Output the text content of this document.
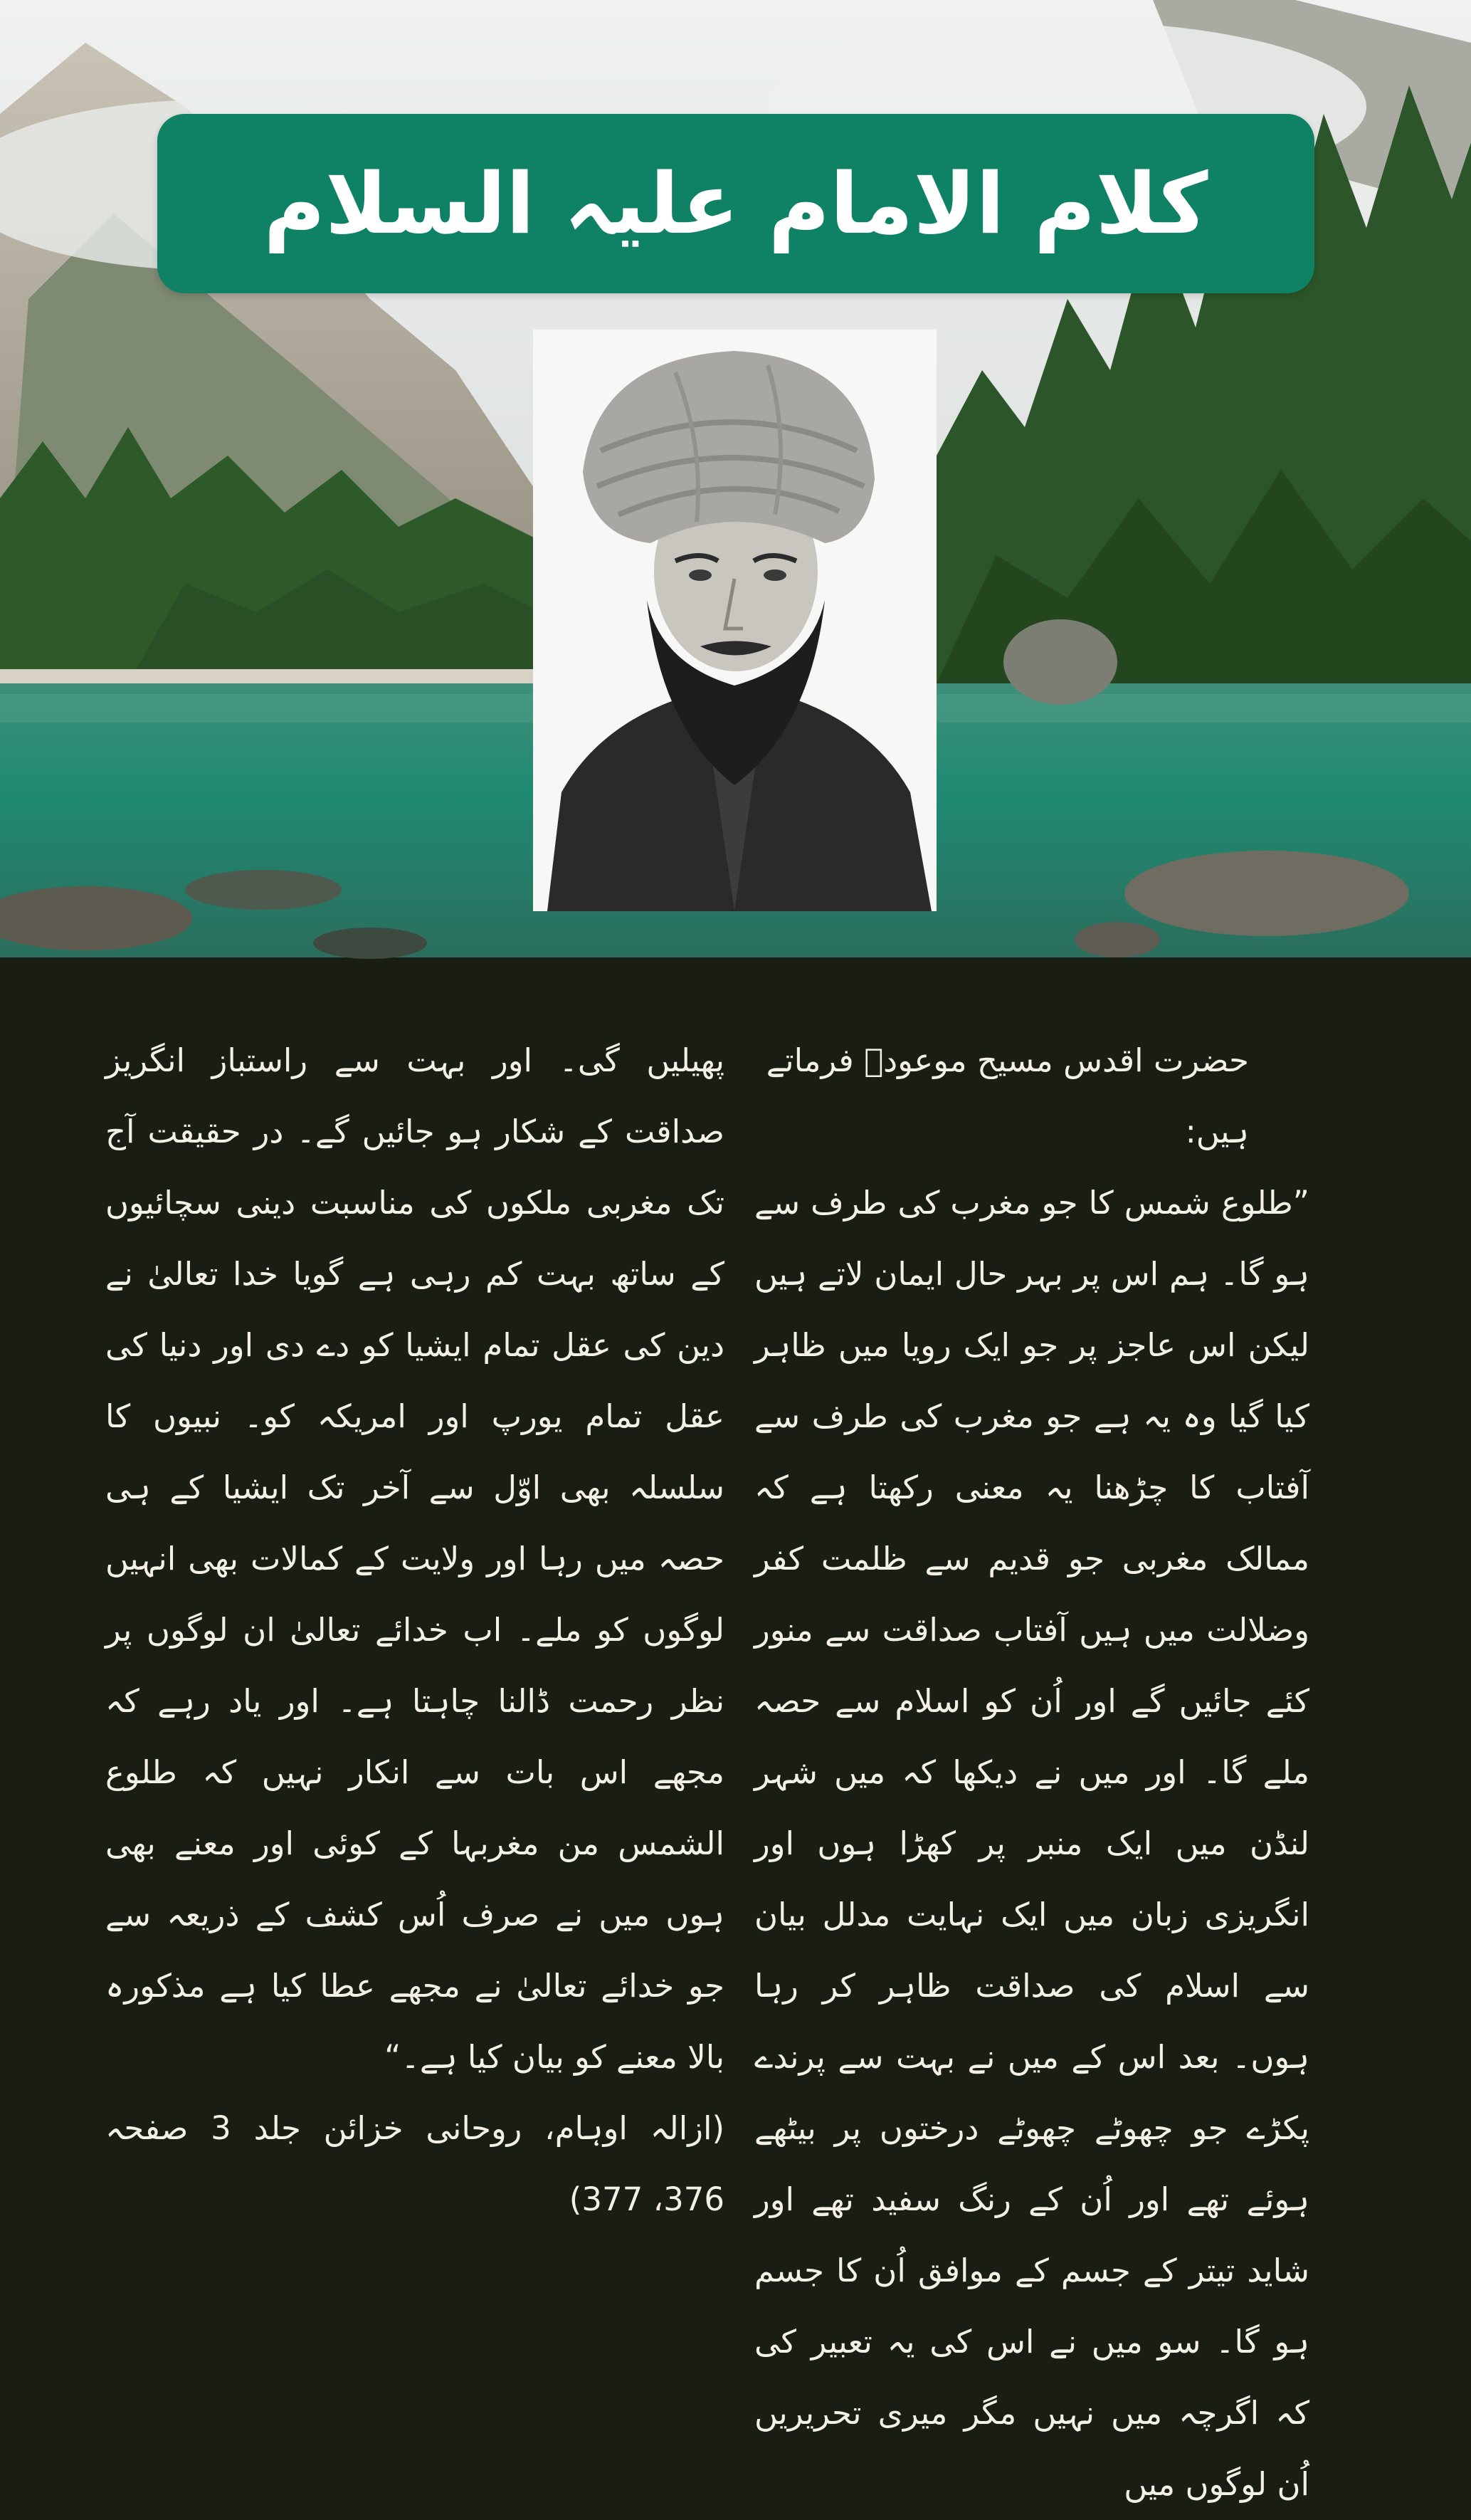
کلام الامام علیہ السلام

حضرت اقدس مسیح موعودؑ فرماتے ہیں:

”طلوع شمس کا جو مغرب کی طرف سے ہو گا۔ ہم اس پر بہر حال ایمان لاتے ہیں لیکن اس عاجز پر جو ایک رویا میں ظاہر کیا گیا وہ یہ ہے جو مغرب کی طرف سے آفتاب کا چڑھنا یہ معنی رکھتا ہے کہ ممالک مغربی جو قدیم سے ظلمت کفر وضلالت میں ہیں آفتاب صداقت سے منور کئے جائیں گے اور اُن کو اسلام سے حصہ ملے گا۔ اور میں نے دیکھا کہ میں شہر لنڈن میں ایک منبر پر کھڑا ہوں اور انگریزی زبان میں ایک نہایت مدلل بیان سے اسلام کی صداقت ظاہر کر رہا ہوں۔ بعد اس کے میں نے بہت سے پرندے پکڑے جو چھوٹے چھوٹے درختوں پر بیٹھے ہوئے تھے اور اُن کے رنگ سفید تھے اور شاید تیتر کے جسم کے موافق اُن کا جسم ہو گا۔ سو میں نے اس کی یہ تعبیر کی کہ اگرچہ میں نہیں مگر میری تحریریں اُن لوگوں میں

پھیلیں گی۔ اور بہت سے راستباز انگریز صداقت کے شکار ہو جائیں گے۔ در حقیقت آج تک مغربی ملکوں کی مناسبت دینی سچائیوں کے ساتھ بہت کم رہی ہے گویا خدا تعالیٰ نے دین کی عقل تمام ایشیا کو دے دی اور دنیا کی عقل تمام یورپ اور امریکہ کو۔ نبیوں کا سلسلہ بھی اوّل سے آخر تک ایشیا کے ہی حصہ میں رہا اور ولایت کے کمالات بھی انہیں لوگوں کو ملے۔ اب خدائے تعالیٰ ان لوگوں پر نظر رحمت ڈالنا چاہتا ہے۔ اور یاد رہے کہ مجھے اس بات سے انکار نہیں کہ طلوع الشمس من مغربہا کے کوئی اور معنے بھی ہوں میں نے صرف اُس کشف کے ذریعہ سے جو خدائے تعالیٰ نے مجھے عطا کیا ہے مذکورہ بالا معنے کو بیان کیا ہے۔“

(ازالہ اوہام، روحانی خزائن جلد 3 صفحہ 376، 377)
